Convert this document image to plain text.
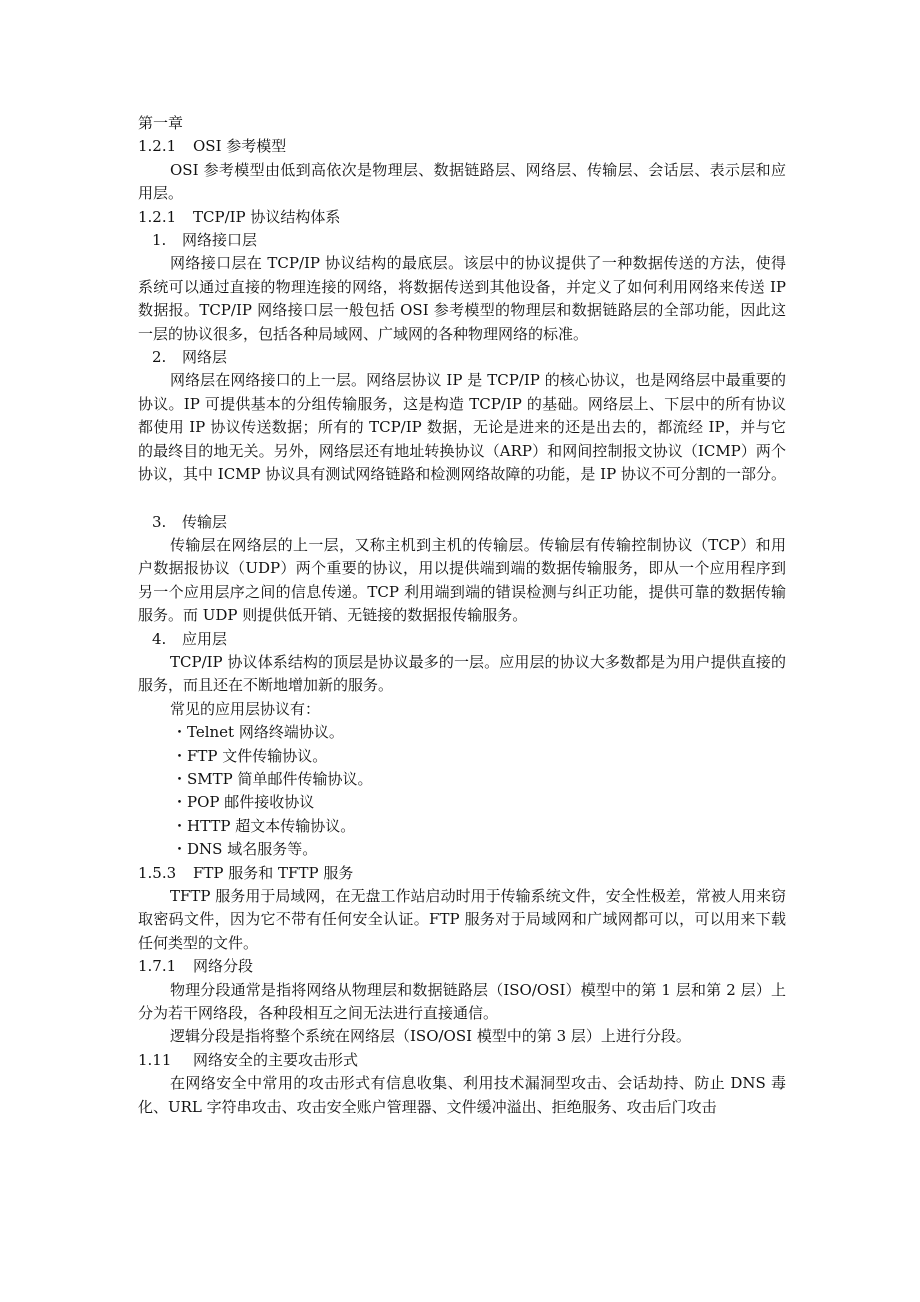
第一章

1.2.1 OSI 参考模型

OSI 参考模型由低到高依次是物理层、数据链路层、网络层、传输层、会话层、表示层和应用层。

1.2.1 TCP/IP 协议结构体系

1. 网络接口层

网络接口层在 TCP/IP 协议结构的最底层。该层中的协议提供了一种数据传送的方法，使得系统可以通过直接的物理连接的网络，将数据传送到其他设备，并定义了如何利用网络来传送 IP 数据报。TCP/IP 网络接口层一般包括 OSI 参考模型的物理层和数据链路层的全部功能，因此这一层的协议很多，包括各种局域网、广域网的各种物理网络的标准。

2. 网络层

网络层在网络接口的上一层。网络层协议 IP 是 TCP/IP 的核心协议，也是网络层中最重要的协议。IP 可提供基本的分组传输服务，这是构造 TCP/IP 的基础。网络层上、下层中的所有协议都使用 IP 协议传送数据；所有的 TCP/IP 数据，无论是进来的还是出去的，都流经 IP，并与它的最终目的地无关。另外，网络层还有地址转换协议（ARP）和网间控制报文协议（ICMP）两个协议，其中 ICMP 协议具有测试网络链路和检测网络故障的功能，是 IP 协议不可分割的一部分。

3. 传输层

传输层在网络层的上一层，又称主机到主机的传输层。传输层有传输控制协议（TCP）和用户数据报协议（UDP）两个重要的协议，用以提供端到端的数据传输服务，即从一个应用程序到另一个应用层序之间的信息传递。TCP 利用端到端的错误检测与纠正功能，提供可靠的数据传输服务。而 UDP 则提供低开销、无链接的数据报传输服务。

4. 应用层

TCP/IP 协议体系结构的顶层是协议最多的一层。应用层的协议大多数都是为用户提供直接的服务，而且还在不断地增加新的服务。

常见的应用层协议有：

・Telnet 网络终端协议。

・FTP 文件传输协议。

・SMTP 简单邮件传输协议。

・POP 邮件接收协议

・HTTP 超文本传输协议。

・DNS 域名服务等。

1.5.3 FTP 服务和 TFTP 服务

TFTP 服务用于局域网，在无盘工作站启动时用于传输系统文件，安全性极差，常被人用来窃取密码文件，因为它不带有任何安全认证。FTP 服务对于局域网和广域网都可以，可以用来下载任何类型的文件。

1.7.1 网络分段

物理分段通常是指将网络从物理层和数据链路层（ISO/OSI）模型中的第 1 层和第 2 层）上分为若干网络段，各种段相互之间无法进行直接通信。

逻辑分段是指将整个系统在网络层（ISO/OSI 模型中的第 3 层）上进行分段。

1.11 网络安全的主要攻击形式

在网络安全中常用的攻击形式有信息收集、利用技术漏洞型攻击、会话劫持、防止 DNS 毒化、URL 字符串攻击、攻击安全账户管理器、文件缓冲溢出、拒绝服务、攻击后门攻击
